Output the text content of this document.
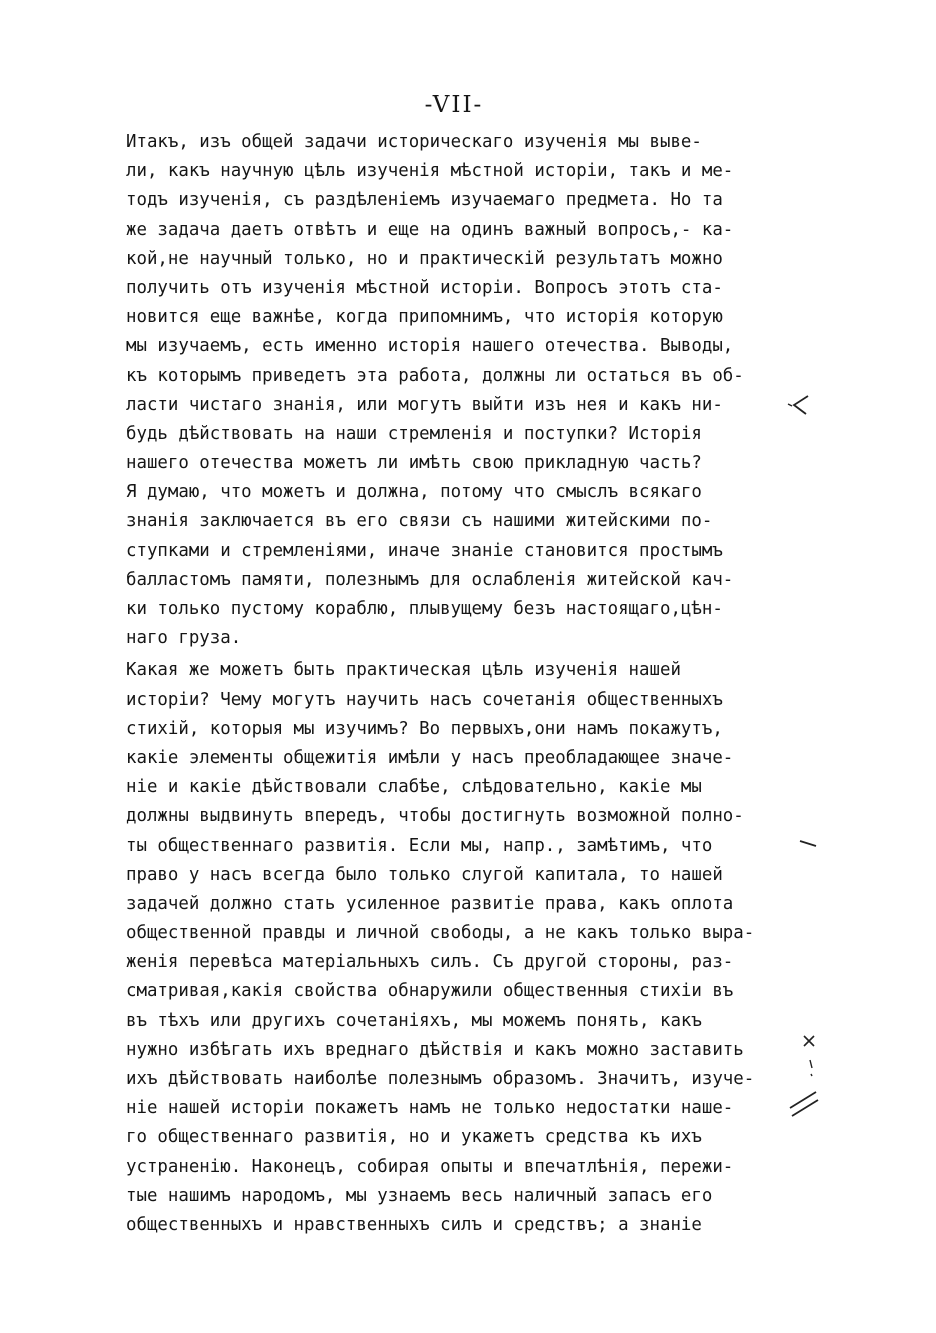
-VII-
Итакъ, изъ общей задачи историческаго изученія мы выве-
ли, какъ научную цѣль изученія мѣстной исторіи, такъ и ме-
тодъ изученія, съ раздѣленіемъ изучаемаго предмета. Но та
же задача даетъ отвѣтъ и еще на одинъ важный вопросъ,- ка-
кой,не научный только, но и практическій результатъ можно
получить отъ изученія мѣстной исторіи. Вопросъ этотъ ста-
новится еще важнѣе, когда припомнимъ, что исторія которую
мы изучаемъ, есть именно исторія нашего отечества. Выводы,
къ которымъ приведетъ эта работа, должны ли остаться въ об-
ласти чистаго знанія, или могутъ выйти изъ нея и какъ ни-
будь дѣйствовать на наши стремленія и поступки? Исторія
нашего отечества можетъ ли имѣть свою прикладную часть?
Я думаю, что можетъ и должна, потому что смыслъ всякаго
знанія заключается въ его связи съ нашими житейскими по-
ступками и стремленіями, иначе знаніе становится простымъ
балластомъ памяти, полезнымъ для ослабленія житейской кач-
ки только пустому кораблю, плывущему безъ настоящаго,цѣн-
наго груза.
Какая же можетъ быть практическая цѣль изученія нашей
исторіи? Чему могутъ научить насъ сочетанія общественныхъ
стихій, которыя мы изучимъ? Во первыхъ,они намъ покажутъ,
какіе элементы общежитія имѣли у насъ преобладающее значе-
ніе и какіе дѣйствовали слабѣе, слѣдовательно, какіе мы
должны выдвинуть впередъ, чтобы достигнуть возможной полно-
ты общественнаго развитія. Если мы, напр., замѣтимъ, что
право у насъ всегда было только слугой капитала, то нашей
задачей должно стать усиленное развитіе права, какъ оплота
общественной правды и личной свободы, а не какъ только выра-
женія перевѣса матеріальныхъ силъ. Съ другой стороны, раз-
сматривая,какія свойства обнаружили общественныя стихіи въ
въ тѣхъ или другихъ сочетаніяхъ, мы можемъ понять, какъ
нужно избѣгать ихъ вреднаго дѣйствія и какъ можно заставить
ихъ дѣйствовать наиболѣе полезнымъ образомъ. Значитъ, изуче-
ніе нашей исторіи покажетъ намъ не только недостатки наше-
го общественнаго развитія, но и укажетъ средства къ ихъ
устраненію. Наконецъ, собирая опыты и впечатлѣнія, пережи-
тые нашимъ народомъ, мы узнаемъ весь наличный запасъ его
общественныхъ и нравственныхъ силъ и средствъ; а знаніе
